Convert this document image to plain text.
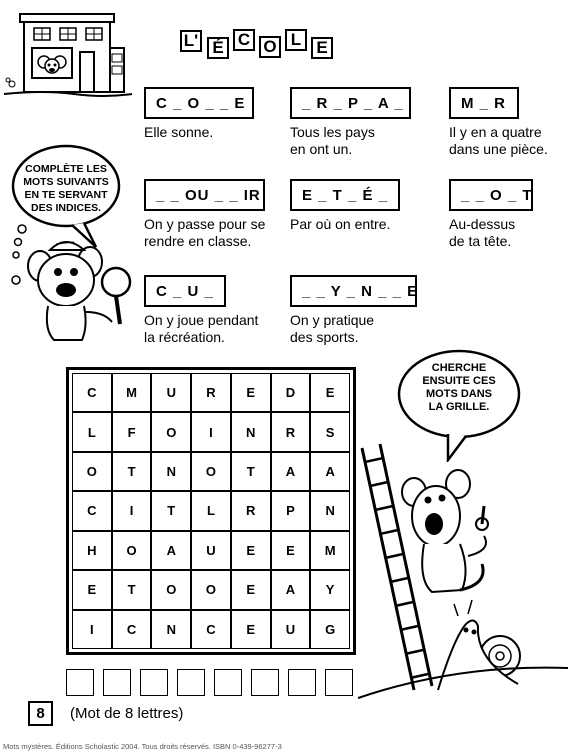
L' É C O L E
C _ O _ _ E
Elle sonne.
_ R _ P _ A _
Tous les pays
en ont un.
M _ R
Il y en a quatre
dans une pièce.
_ _ OU _ _ IR
On y passe pour se
rendre en classe.
E _ T _ É _
Par où on entre.
_ _ O _ T
Au-dessus
de ta tête.
C _ U _
On y joue pendant
la récréation.
_ _ Y _ N _ _ E
On y pratique
des sports.
COMPLÈTE LES
MOTS SUIVANTS
EN TE SERVANT
DES INDICES.
CHERCHE
ENSUITE CES
MOTS DANS
LA GRILLE.
C	M	U	R	E	D	E
L	F	O	I	N	R	S
O	T	N	O	T	A	A
C	I	T	L	R	P	N
H	O	A	U	E	E	M
E	T	O	O	E	A	Y
I	C	N	C	E	U	G
8	(Mot de 8 lettres)
Mots mystères. Éditions Scholastic 2004. Tous droits réservés. ISBN 0-439-96277-3
